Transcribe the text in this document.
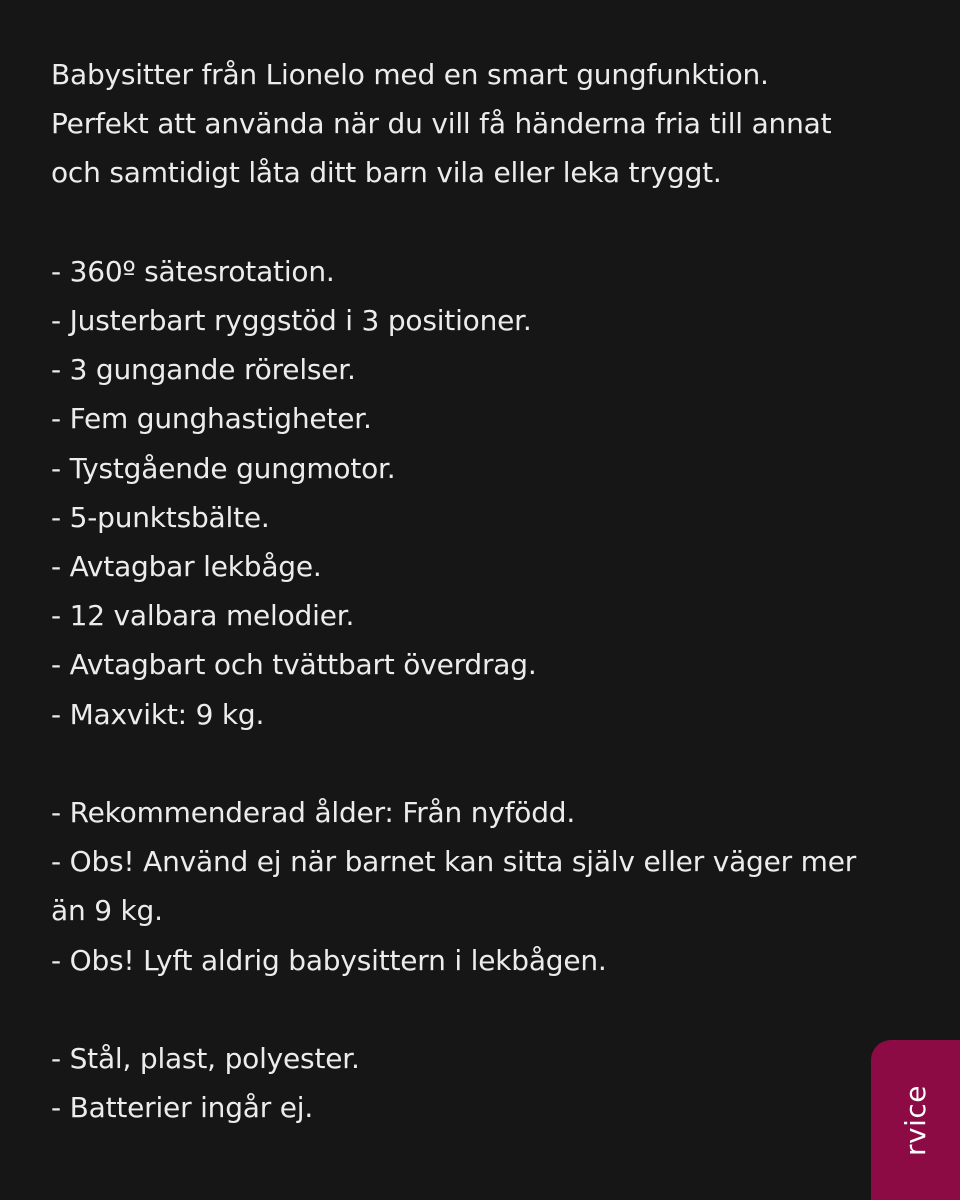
Babysitter från Lionelo med en smart gungfunktion.

Perfekt att använda när du vill få händerna fria till annat

och samtidigt låta ditt barn vila eller leka tryggt.

- 360º sätesrotation.

- Justerbart ryggstöd i 3 positioner.

- 3 gungande rörelser.

- Fem gunghastigheter.

- Tystgående gungmotor.

- 5-punktsbälte.

- Avtagbar lekbåge.

- 12 valbara melodier.

- Avtagbart och tvättbart överdrag.

- Maxvikt: 9 kg.

- Rekommenderad ålder: Från nyfödd.

- Obs! Använd ej när barnet kan sitta själv eller väger mer

än 9 kg.

- Obs! Lyft aldrig babysittern i lekbågen.

- Stål, plast, polyester.

- Batterier ingår ej.	rvice
